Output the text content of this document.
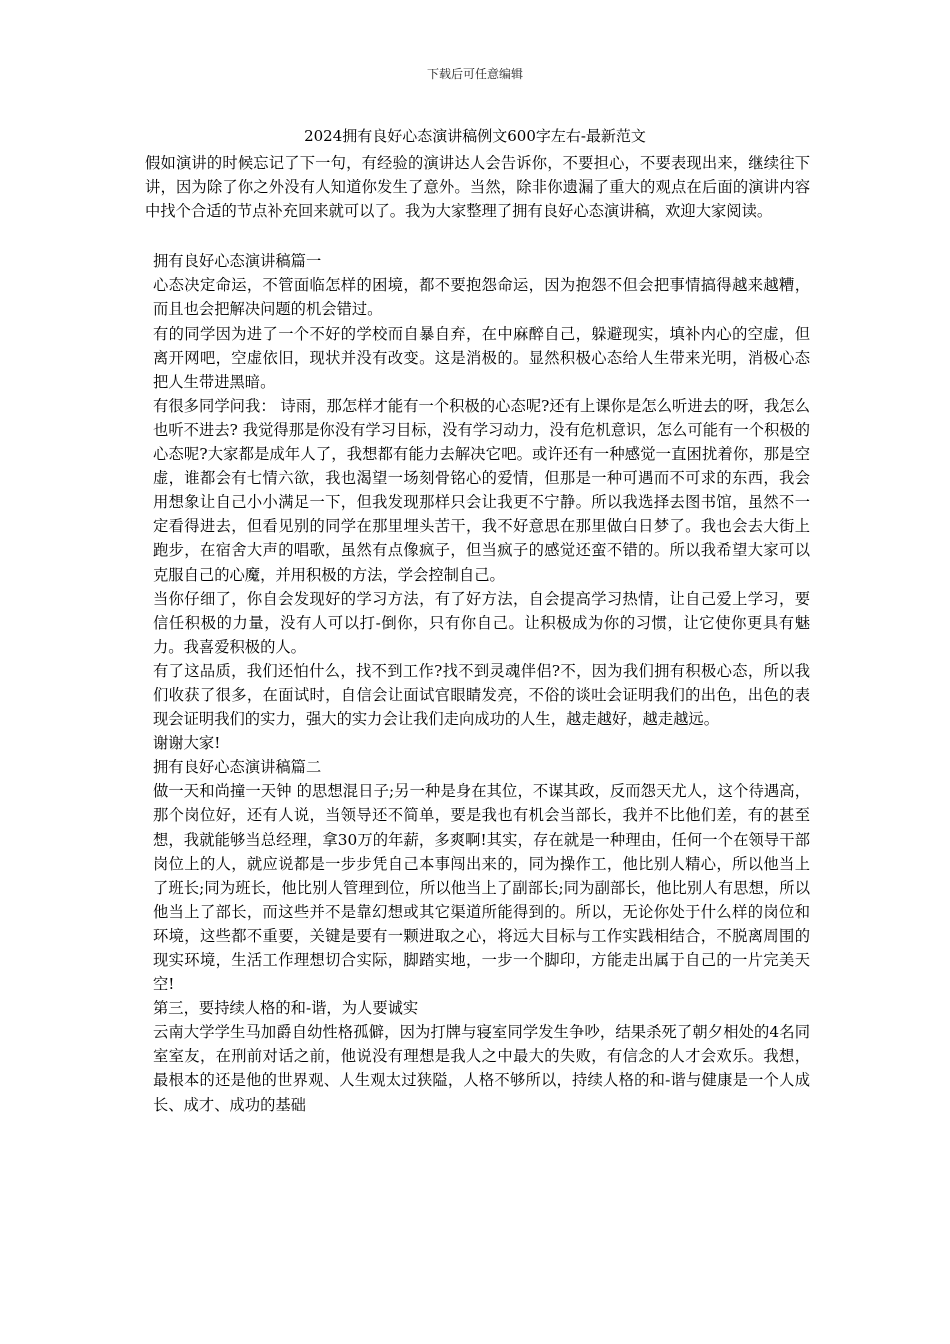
下载后可任意编辑
2024拥有良好心态演讲稿例文600字左右-最新范文

假如演讲的时候忘记了下一句，有经验的演讲达人会告诉你，不要担心，不要表现出来，继续往下讲，因为除了你之外没有人知道你发生了意外。当然，除非你遗漏了重大的观点在后面的演讲内容中找个合适的节点补充回来就可以了。我为大家整理了拥有良好心态演讲稿，欢迎大家阅读。

拥有良好心态演讲稿篇一

心态决定命运，不管面临怎样的困境，都不要抱怨命运，因为抱怨不但会把事情搞得越来越糟，而且也会把解决问题的机会错过。

有的同学因为进了一个不好的学校而自暴自弃，在中麻醉自己，躲避现实，填补内心的空虚，但离开网吧，空虚依旧，现状并没有改变。这是消极的。显然积极心态给人生带来光明，消极心态把人生带进黑暗。

有很多同学问我： 诗雨，那怎样才能有一个积极的心态呢?还有上课你是怎么听进去的呀，我怎么也听不进去? 我觉得那是你没有学习目标，没有学习动力，没有危机意识，怎么可能有一个积极的心态呢?大家都是成年人了，我想都有能力去解决它吧。或许还有一种感觉一直困扰着你，那是空虚，谁都会有七情六欲，我也渴望一场刻骨铭心的爱情，但那是一种可遇而不可求的东西，我会用想象让自己小小满足一下，但我发现那样只会让我更不宁静。所以我选择去图书馆，虽然不一定看得进去，但看见别的同学在那里埋头苦干，我不好意思在那里做白日梦了。我也会去大街上跑步，在宿舍大声的唱歌，虽然有点像疯子，但当疯子的感觉还蛮不错的。所以我希望大家可以克服自己的心魔，并用积极的方法，学会控制自己。

当你仔细了，你自会发现好的学习方法，有了好方法，自会提高学习热情，让自己爱上学习，要信任积极的力量，没有人可以打-倒你，只有你自己。让积极成为你的习惯，让它使你更具有魅力。我喜爱积极的人。

有了这品质，我们还怕什么，找不到工作?找不到灵魂伴侣?不，因为我们拥有积极心态，所以我们收获了很多，在面试时，自信会让面试官眼睛发亮，不俗的谈吐会证明我们的出色，出色的表现会证明我们的实力，强大的实力会让我们走向成功的人生，越走越好，越走越远。

谢谢大家!

拥有良好心态演讲稿篇二

做一天和尚撞一天钟 的思想混日子;另一种是身在其位，不谋其政，反而怨天尤人，这个待遇高，那个岗位好，还有人说，当领导还不简单，要是我也有机会当部长，我并不比他们差，有的甚至想，我就能够当总经理，拿30万的年薪，多爽啊!其实，存在就是一种理由，任何一个在领导干部岗位上的人，就应说都是一步步凭自己本事闯出来的，同为操作工，他比别人精心，所以他当上了班长;同为班长，他比别人管理到位，所以他当上了副部长;同为副部长，他比别人有思想，所以他当上了部长，而这些并不是靠幻想或其它渠道所能得到的。所以，无论你处于什么样的岗位和环境，这些都不重要，关键是要有一颗进取之心，将远大目标与工作实践相结合，不脱离周围的现实环境，生活工作理想切合实际，脚踏实地，一步一个脚印，方能走出属于自己的一片完美天空!

第三，要持续人格的和-谐，为人要诚实

云南大学学生马加爵自幼性格孤僻，因为打牌与寝室同学发生争吵，结果杀死了朝夕相处的4名同室室友，在刑前对话之前，他说没有理想是我人之中最大的失败，有信念的人才会欢乐。我想，最根本的还是他的世界观、人生观太过狭隘，人格不够所以，持续人格的和-谐与健康是一个人成长、成才、成功的基础
